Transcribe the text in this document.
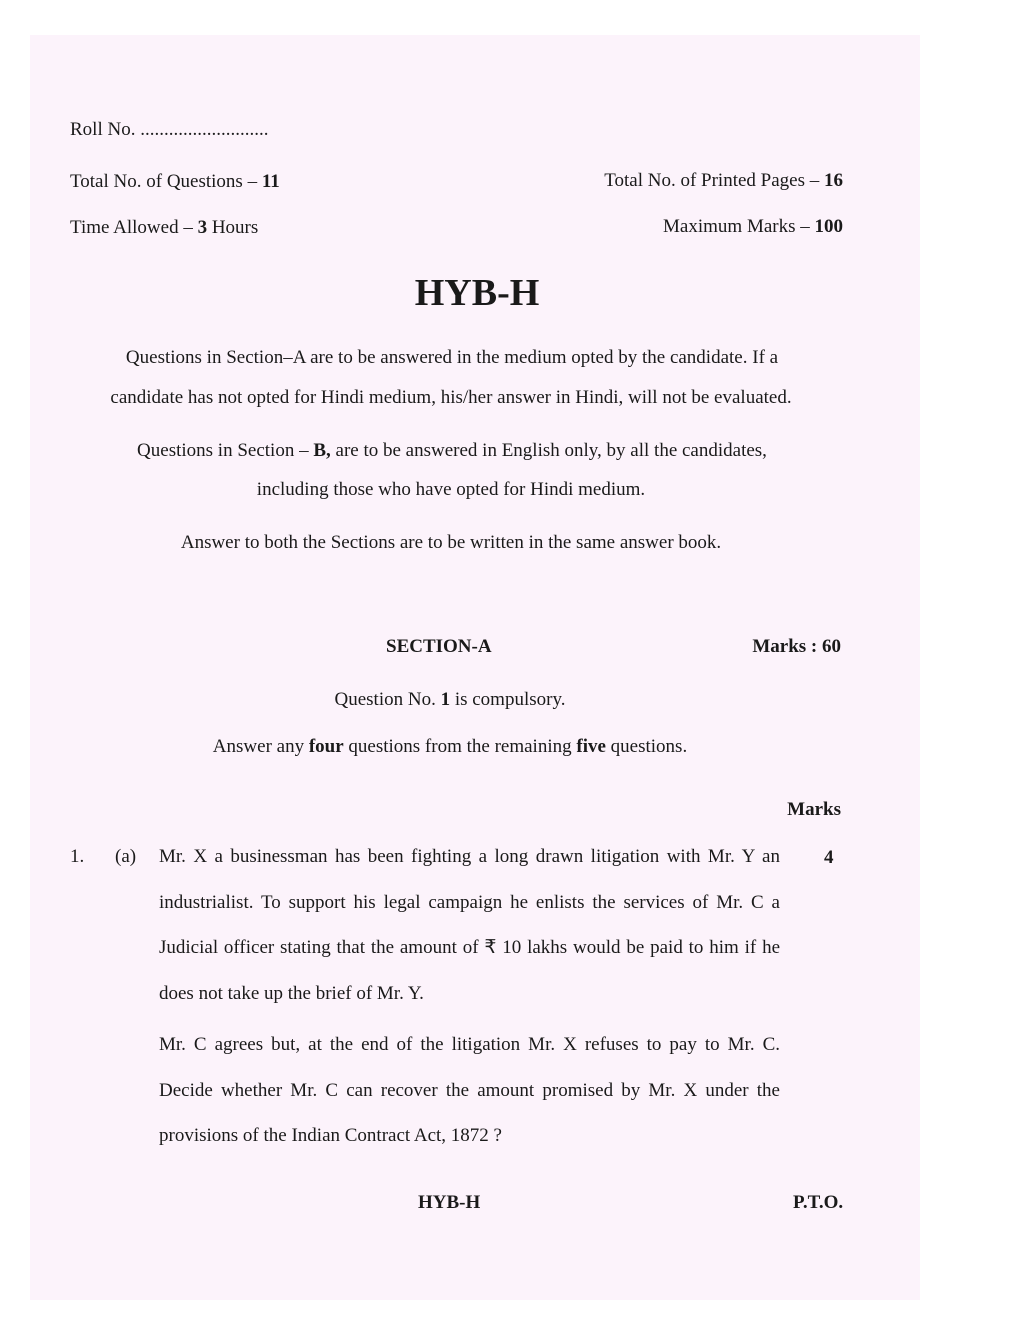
Roll No. ...........................
Total No. of Questions – 11	Total No. of Printed Pages – 16
Time Allowed – 3 Hours	Maximum Marks – 100
HYB-H
Questions in Section–A are to be answered in the medium opted by the candidate. If a
candidate has not opted for Hindi medium, his/her answer in Hindi, will not be evaluated.
Questions in Section – B, are to be answered in English only, by all the candidates,
including those who have opted for Hindi medium.
Answer to both the Sections are to be written in the same answer book.
SECTION-A	Marks : 60
Question No. 1 is compulsory.
Answer any four questions from the remaining five questions.
Marks
1. (a)	4
Mr. X a businessman has been fighting a long drawn litigation with Mr. Y an industrialist. To support his legal campaign he enlists the services of Mr. C a Judicial officer stating that the amount of ₹ 10 lakhs would be paid to him if he does not take up the brief of Mr. Y.
Mr. C agrees but, at the end of the litigation Mr. X refuses to pay to Mr. C. Decide whether Mr. C can recover the amount promised by Mr. X under the provisions of the Indian Contract Act, 1872 ?
HYB-H	P.T.O.
